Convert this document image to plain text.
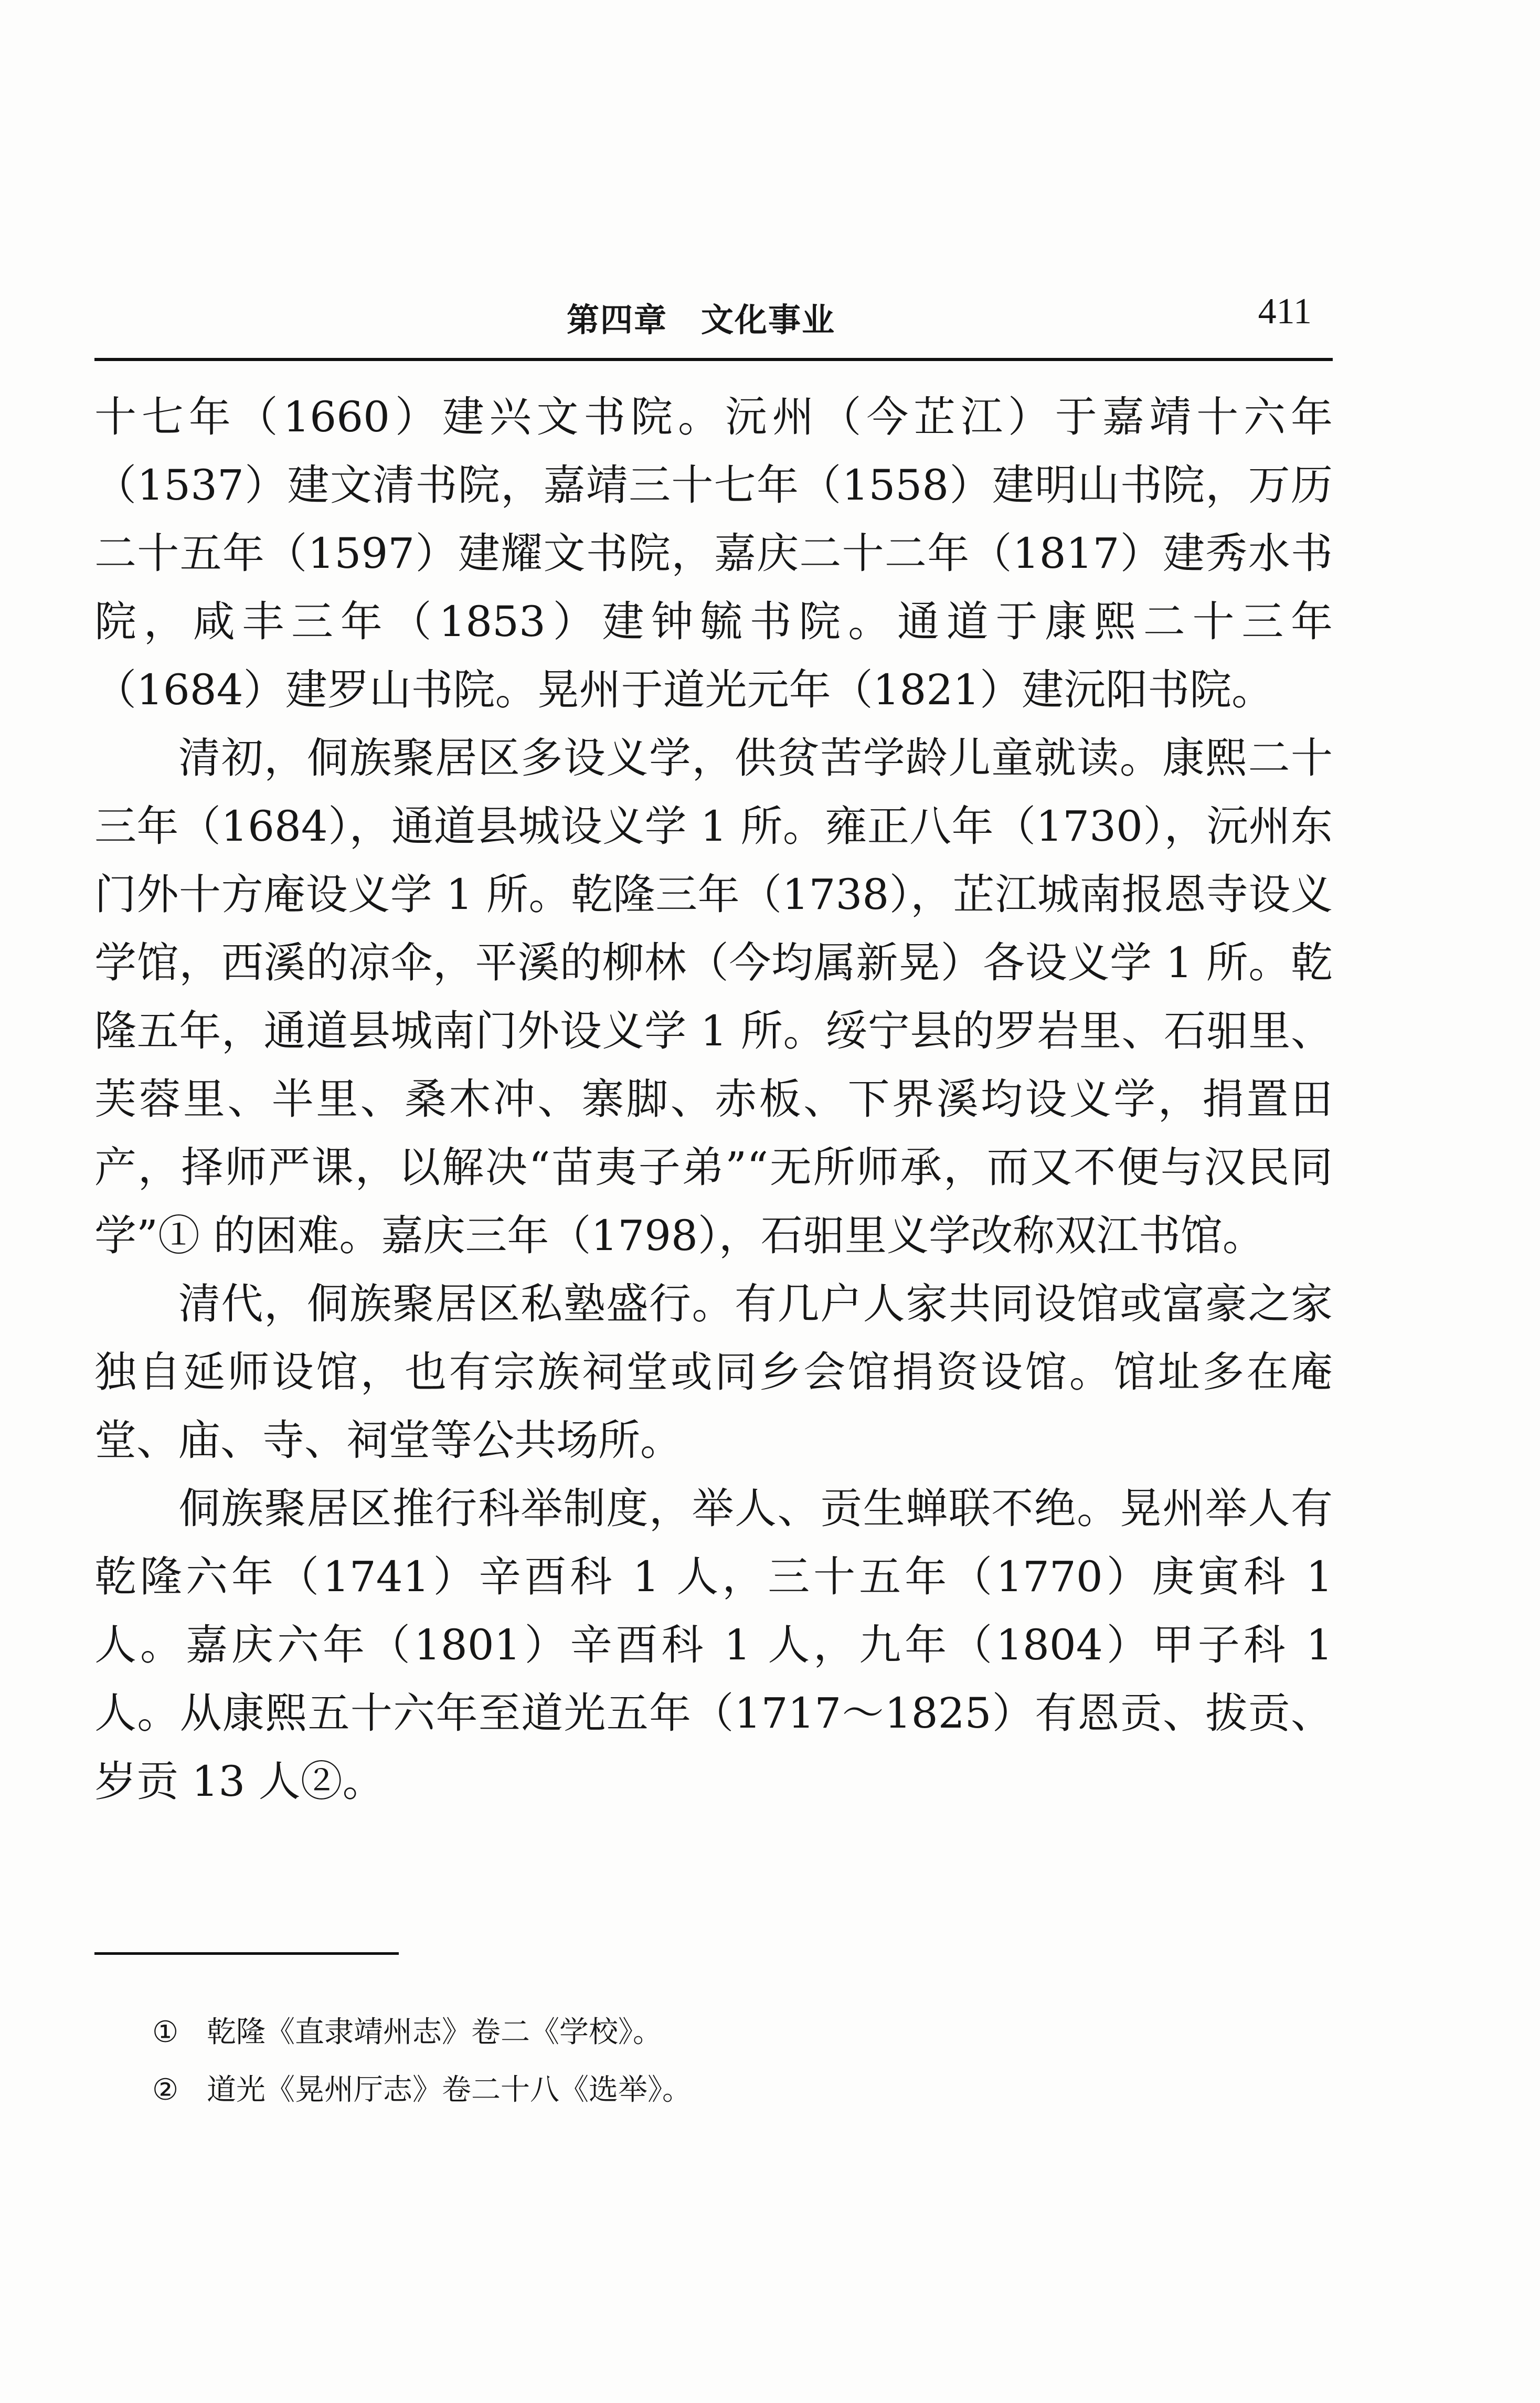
第四章　文化事业	411

十七年（1660）建兴文书院。沅州（今芷江）于嘉靖十六年（1537）建文清书院，嘉靖三十七年（1558）建明山书院，万历二十五年（1597）建耀文书院，嘉庆二十二年（1817）建秀水书院，咸丰三年（1853）建钟毓书院。通道于康熙二十三年（1684）建罗山书院。晃州于道光元年（1821）建沅阳书院。

清初，侗族聚居区多设义学，供贫苦学龄儿童就读。康熙二十三年（1684），通道县城设义学 1 所。雍正八年（1730），沅州东门外十方庵设义学 1 所。乾隆三年（1738），芷江城南报恩寺设义学馆，西溪的凉伞，平溪的柳林（今均属新晃）各设义学 1 所。乾隆五年，通道县城南门外设义学 1 所。绥宁县的罗岩里、石驲里、芙蓉里、半里、桑木冲、寨脚、赤板、下界溪均设义学，捐置田产，择师严课，以解决“苗夷子弟”“无所师承，而又不便与汉民同学”① 的困难。嘉庆三年（1798），石驲里义学改称双江书馆。

清代，侗族聚居区私塾盛行。有几户人家共同设馆或富豪之家独自延师设馆，也有宗族祠堂或同乡会馆捐资设馆。馆址多在庵堂、庙、寺、祠堂等公共场所。

侗族聚居区推行科举制度，举人、贡生蝉联不绝。晃州举人有乾隆六年（1741）辛酉科 1 人，三十五年（1770）庚寅科 1 人。嘉庆六年（1801）辛酉科 1 人，九年（1804）甲子科 1 人。从康熙五十六年至道光五年（1717～1825）有恩贡、拔贡、岁贡 13 人②。

① 乾隆《直隶靖州志》卷二《学校》。
② 道光《晃州厅志》卷二十八《选举》。
